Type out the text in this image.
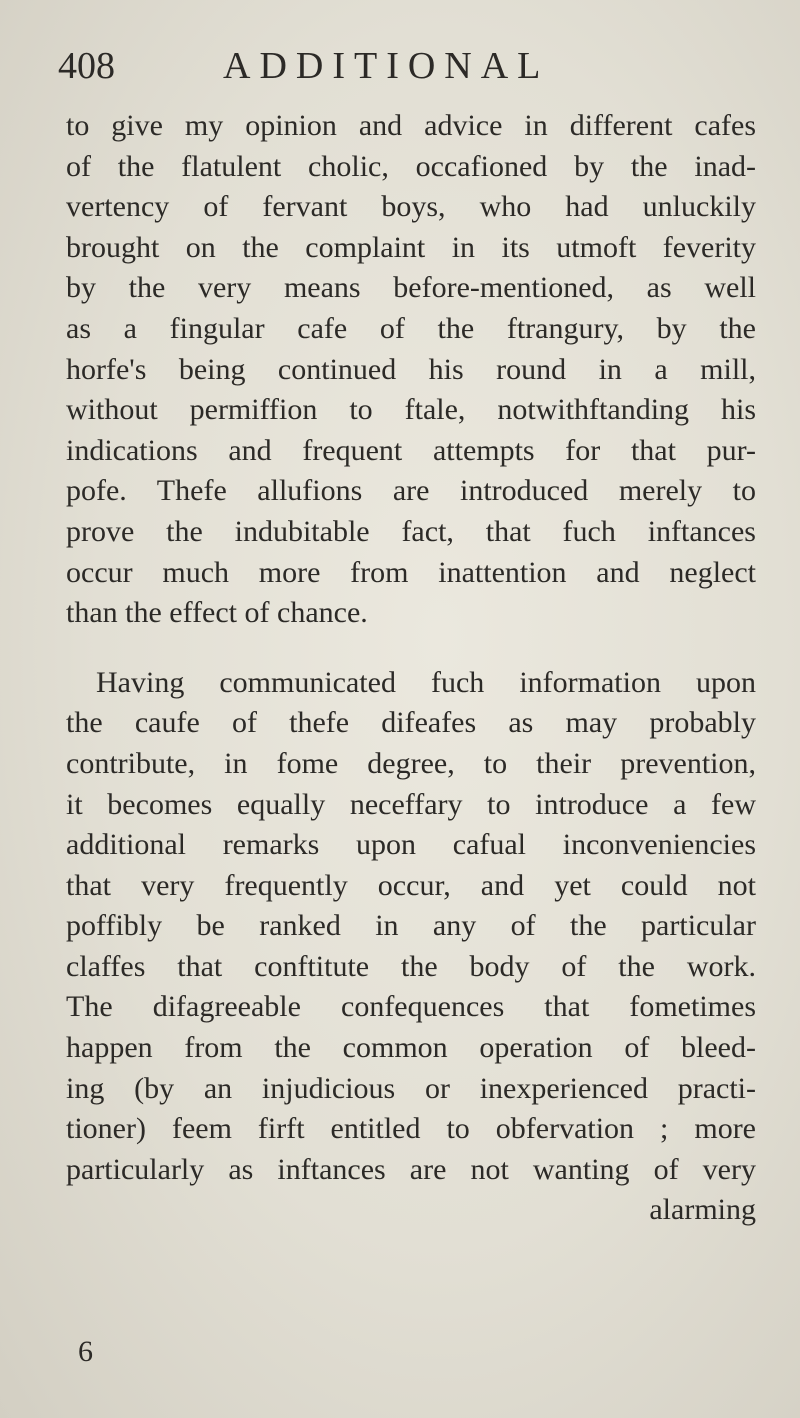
408	ADDITIONAL
to give my opinion and advice in different cafes
of the flatulent cholic, occafioned by the inad-
vertency of fervant boys, who had unluckily
brought on the complaint in its utmoft feverity
by the very means before-mentioned, as well
as a fingular cafe of the ftrangury, by the
horfe's being continued his round in a mill,
without permiffion to ftale, notwithftanding his
indications and frequent attempts for that pur-
pofe. Thefe allufions are introduced merely to
prove the indubitable fact, that fuch inftances
occur much more from inattention and neglect
than the effect of chance.
Having communicated fuch information upon
the caufe of thefe difeafes as may probably
contribute, in fome degree, to their prevention,
it becomes equally neceffary to introduce a few
additional remarks upon cafual inconveniencies
that very frequently occur, and yet could not
poffibly be ranked in any of the particular
claffes that conftitute the body of the work.
The difagreeable confequences that fometimes
happen from the common operation of bleed-
ing (by an injudicious or inexperienced practi-
tioner) feem firft entitled to obfervation ; more
particularly as inftances are not wanting of very
alarming
6
